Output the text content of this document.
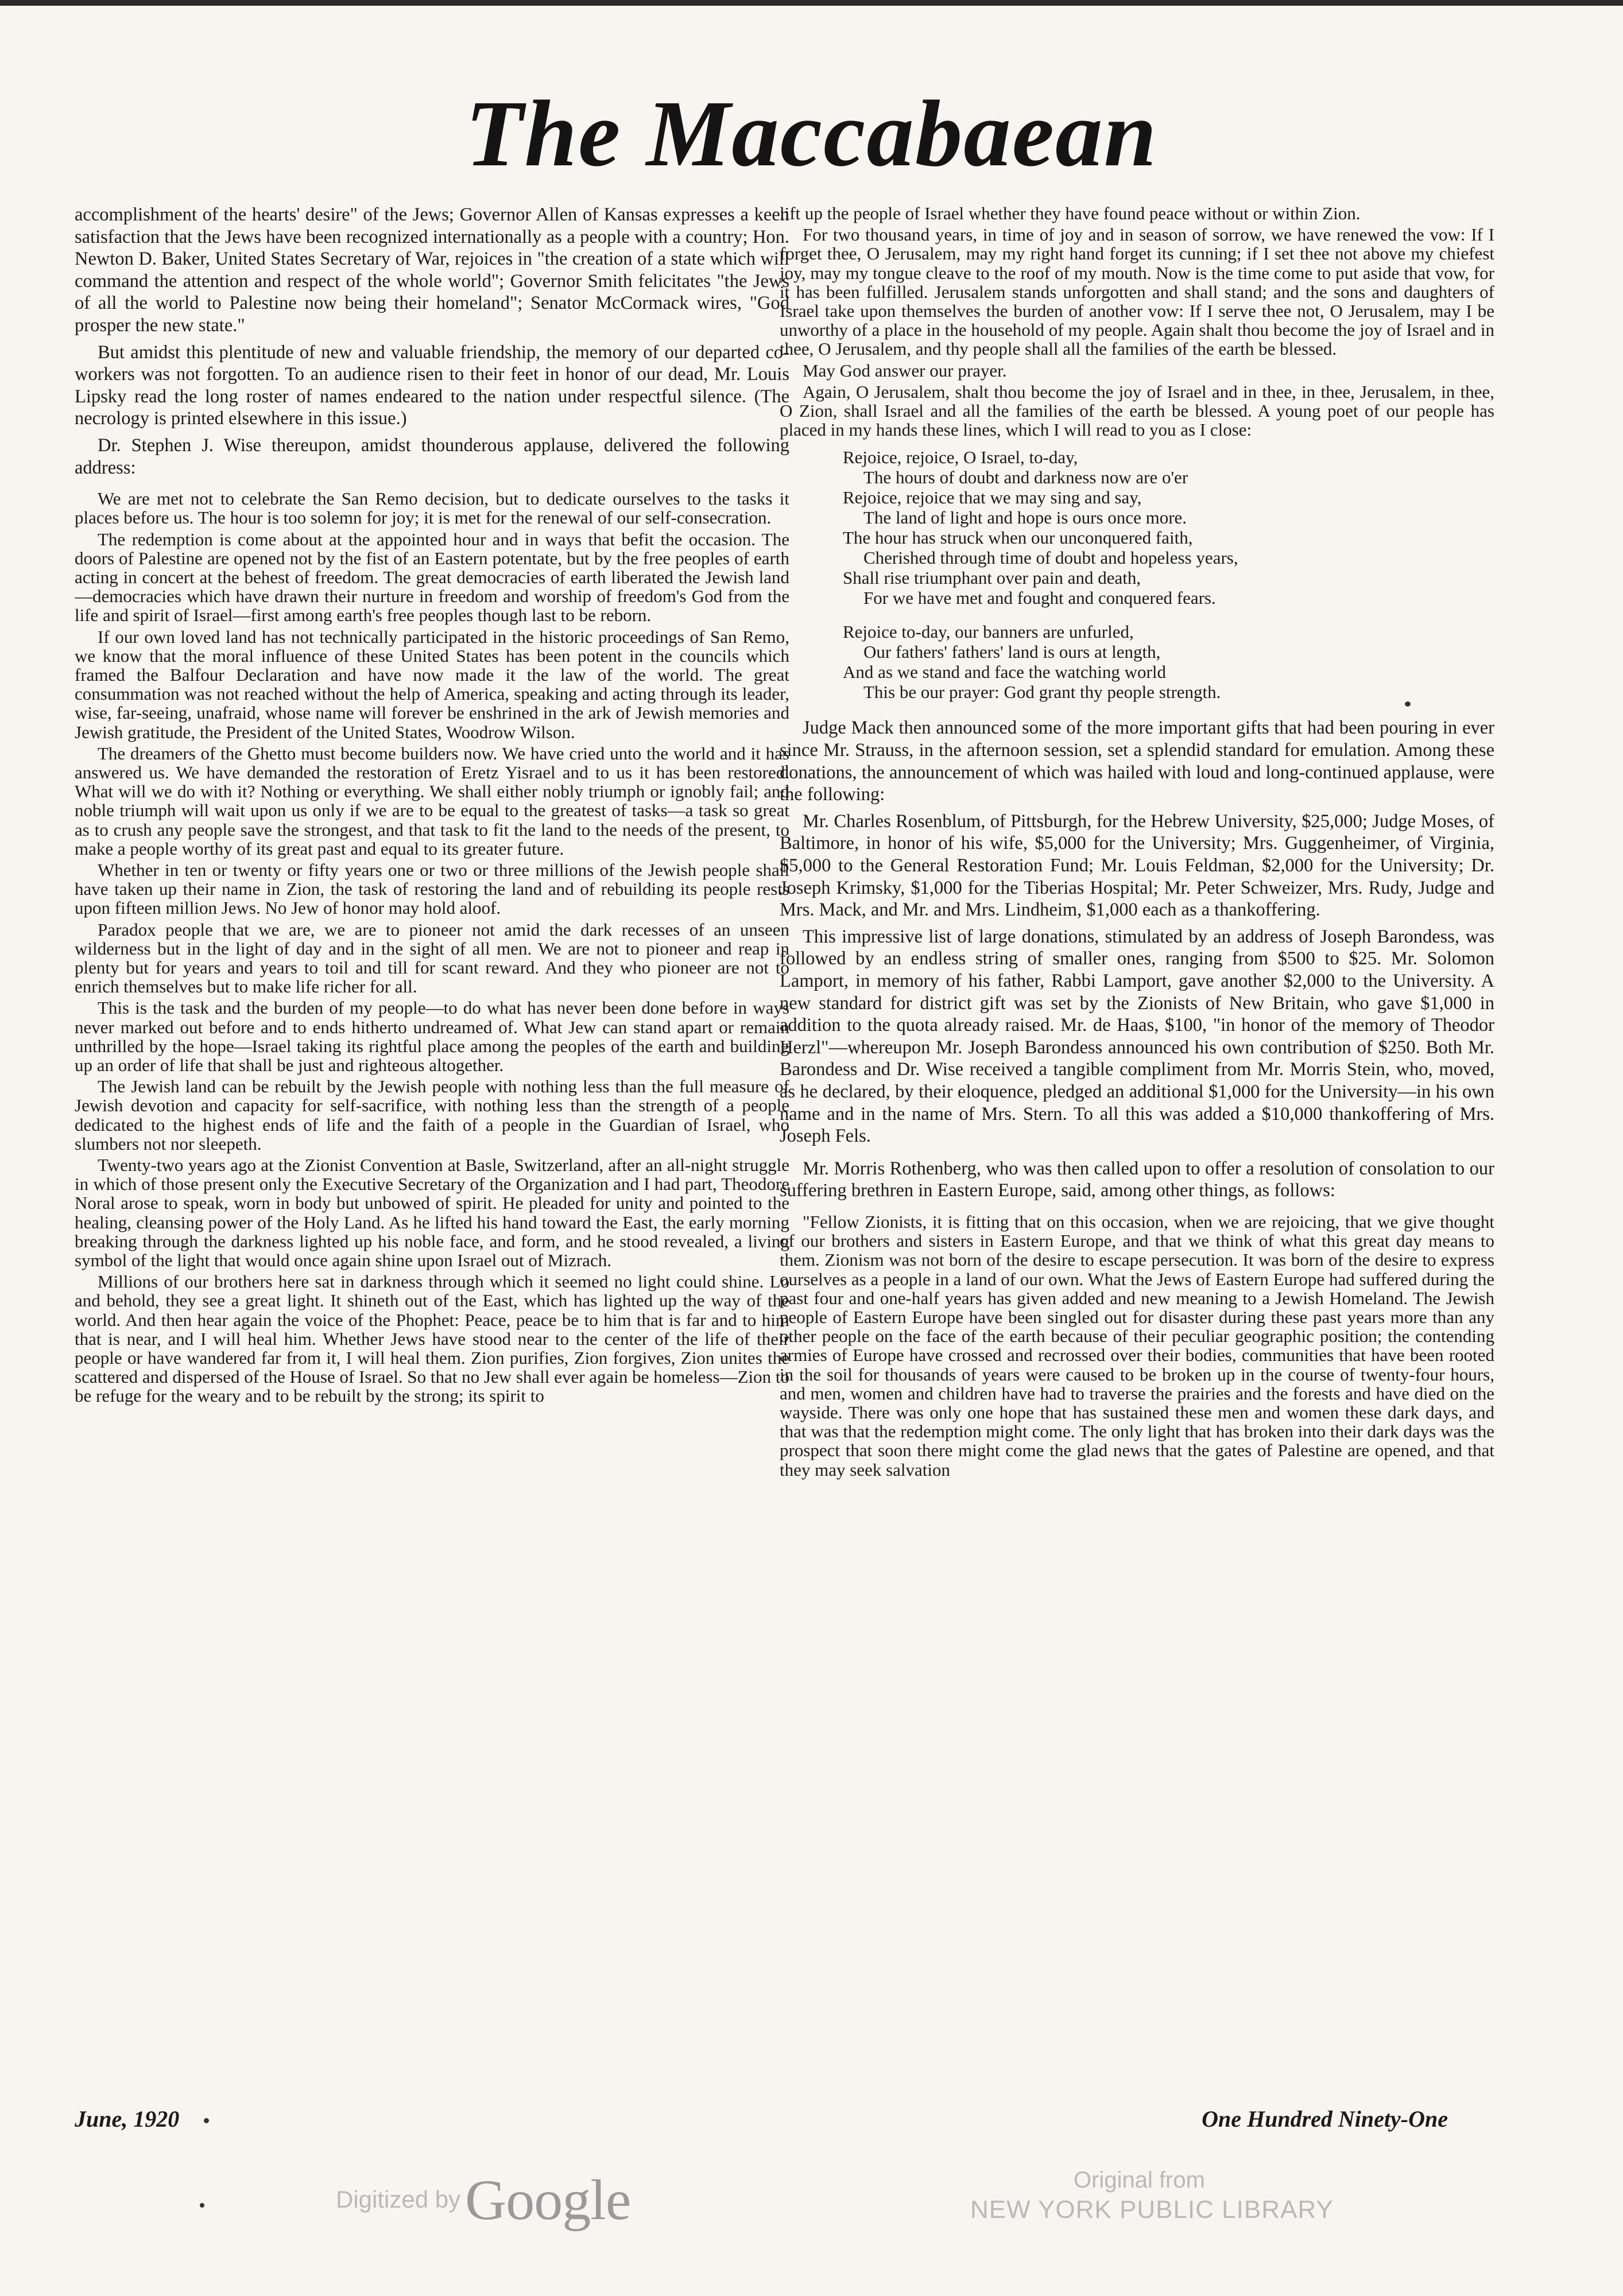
The Maccabaean

accomplishment of the hearts' desire" of the Jews; Governor Allen of Kansas expresses a keen satisfaction that the Jews have been recognized internationally as a people with a country; Hon. Newton D. Baker, United States Secretary of War, rejoices in "the creation of a state which will command the attention and respect of the whole world"; Governor Smith felicitates "the Jews of all the world to Palestine now being their homeland"; Senator McCormack wires, "God prosper the new state."

But amidst this plentitude of new and valuable friendship, the memory of our departed co-workers was not forgotten. To an audience risen to their feet in honor of our dead, Mr. Louis Lipsky read the long roster of names endeared to the nation under respectful silence. (The necrology is printed elsewhere in this issue.)

Dr. Stephen J. Wise thereupon, amidst thounderous applause, delivered the following address:

We are met not to celebrate the San Remo decision, but to dedicate ourselves to the tasks it places before us. The hour is too solemn for joy; it is met for the renewal of our self-consecration.

The redemption is come about at the appointed hour and in ways that befit the occasion. The doors of Palestine are opened not by the fist of an Eastern potentate, but by the free peoples of earth acting in concert at the behest of freedom. The great democracies of earth liberated the Jewish land—democracies which have drawn their nurture in freedom and worship of freedom's God from the life and spirit of Israel—first among earth's free peoples though last to be reborn.

If our own loved land has not technically participated in the historic proceedings of San Remo, we know that the moral influence of these United States has been potent in the councils which framed the Balfour Declaration and have now made it the law of the world. The great consummation was not reached without the help of America, speaking and acting through its leader, wise, far-seeing, unafraid, whose name will forever be enshrined in the ark of Jewish memories and Jewish gratitude, the President of the United States, Woodrow Wilson.

The dreamers of the Ghetto must become builders now. We have cried unto the world and it has answered us. We have demanded the restoration of Eretz Yisrael and to us it has been restored. What will we do with it? Nothing or everything. We shall either nobly triumph or ignobly fail; and noble triumph will wait upon us only if we are to be equal to the greatest of tasks—a task so great as to crush any people save the strongest, and that task to fit the land to the needs of the present, to make a people worthy of its great past and equal to its greater future.

Whether in ten or twenty or fifty years one or two or three millions of the Jewish people shall have taken up their name in Zion, the task of restoring the land and of rebuilding its people rests upon fifteen million Jews. No Jew of honor may hold aloof.

Paradox people that we are, we are to pioneer not amid the dark recesses of an unseen wilderness but in the light of day and in the sight of all men. We are not to pioneer and reap in plenty but for years and years to toil and till for scant reward. And they who pioneer are not to enrich themselves but to make life richer for all.

This is the task and the burden of my people—to do what has never been done before in ways never marked out before and to ends hitherto undreamed of. What Jew can stand apart or remain unthrilled by the hope—Israel taking its rightful place among the peoples of the earth and building up an order of life that shall be just and righteous altogether.

The Jewish land can be rebuilt by the Jewish people with nothing less than the full measure of Jewish devotion and capacity for self-sacrifice, with nothing less than the strength of a people dedicated to the highest ends of life and the faith of a people in the Guardian of Israel, who slumbers not nor sleepeth.

Twenty-two years ago at the Zionist Convention at Basle, Switzerland, after an all-night struggle in which of those present only the Executive Secretary of the Organization and I had part, Theodore Noral arose to speak, worn in body but unbowed of spirit. He pleaded for unity and pointed to the healing, cleansing power of the Holy Land. As he lifted his hand toward the East, the early morning breaking through the darkness lighted up his noble face, and form, and he stood revealed, a living symbol of the light that would once again shine upon Israel out of Mizrach.

Millions of our brothers here sat in darkness through which it seemed no light could shine. Lo and behold, they see a great light. It shineth out of the East, which has lighted up the way of the world. And then hear again the voice of the Phophet: Peace, peace be to him that is far and to him that is near, and I will heal him. Whether Jews have stood near to the center of the life of their people or have wandered far from it, I will heal them. Zion purifies, Zion forgives, Zion unites the scattered and dispersed of the House of Israel. So that no Jew shall ever again be homeless—Zion to be refuge for the weary and to be rebuilt by the strong; its spirit to

lift up the people of Israel whether they have found peace without or within Zion.

For two thousand years, in time of joy and in season of sorrow, we have renewed the vow: If I forget thee, O Jerusalem, may my right hand forget its cunning; if I set thee not above my chiefest joy, may my tongue cleave to the roof of my mouth. Now is the time come to put aside that vow, for it has been fulfilled. Jerusalem stands unforgotten and shall stand; and the sons and daughters of Israel take upon themselves the burden of another vow: If I serve thee not, O Jerusalem, may I be unworthy of a place in the household of my people. Again shalt thou become the joy of Israel and in thee, O Jerusalem, and thy people shall all the families of the earth be blessed.

May God answer our prayer.

Again, O Jerusalem, shalt thou become the joy of Israel and in thee, in thee, Jerusalem, in thee, O Zion, shall Israel and all the families of the earth be blessed. A young poet of our people has placed in my hands these lines, which I will read to you as I close:

Rejoice, rejoice, O Israel, to-day,
The hours of doubt and darkness now are o'er
Rejoice, rejoice that we may sing and say,
The land of light and hope is ours once more.
The hour has struck when our unconquered faith,
Cherished through time of doubt and hopeless years,
Shall rise triumphant over pain and death,
For we have met and fought and conquered fears.
Rejoice to-day, our banners are unfurled,
Our fathers' fathers' land is ours at length,
And as we stand and face the watching world
This be our prayer: God grant thy people strength.

Judge Mack then announced some of the more important gifts that had been pouring in ever since Mr. Strauss, in the afternoon session, set a splendid standard for emulation. Among these donations, the announcement of which was hailed with loud and long-continued applause, were the following:

Mr. Charles Rosenblum, of Pittsburgh, for the Hebrew University, $25,000; Judge Moses, of Baltimore, in honor of his wife, $5,000 for the University; Mrs. Guggenheimer, of Virginia, $5,000 to the General Restoration Fund; Mr. Louis Feldman, $2,000 for the University; Dr. Joseph Krimsky, $1,000 for the Tiberias Hospital; Mr. Peter Schweizer, Mrs. Rudy, Judge and Mrs. Mack, and Mr. and Mrs. Lindheim, $1,000 each as a thankoffering.

This impressive list of large donations, stimulated by an address of Joseph Barondess, was followed by an endless string of smaller ones, ranging from $500 to $25. Mr. Solomon Lamport, in memory of his father, Rabbi Lamport, gave another $2,000 to the University. A new standard for district gift was set by the Zionists of New Britain, who gave $1,000 in addition to the quota already raised. Mr. de Haas, $100, "in honor of the memory of Theodor Herzl"—whereupon Mr. Joseph Barondess announced his own contribution of $250. Both Mr. Barondess and Dr. Wise received a tangible compliment from Mr. Morris Stein, who, moved, as he declared, by their eloquence, pledged an additional $1,000 for the University—in his own name and in the name of Mrs. Stern. To all this was added a $10,000 thankoffering of Mrs. Joseph Fels.

Mr. Morris Rothenberg, who was then called upon to offer a resolution of consolation to our suffering brethren in Eastern Europe, said, among other things, as follows:

"Fellow Zionists, it is fitting that on this occasion, when we are rejoicing, that we give thought of our brothers and sisters in Eastern Europe, and that we think of what this great day means to them. Zionism was not born of the desire to escape persecution. It was born of the desire to express ourselves as a people in a land of our own. What the Jews of Eastern Europe had suffered during the past four and one-half years has given added and new meaning to a Jewish Homeland. The Jewish people of Eastern Europe have been singled out for disaster during these past years more than any other people on the face of the earth because of their peculiar geographic position; the contending armies of Europe have crossed and recrossed over their bodies, communities that have been rooted in the soil for thousands of years were caused to be broken up in the course of twenty-four hours, and men, women and children have had to traverse the prairies and the forests and have died on the wayside. There was only one hope that has sustained these men and women these dark days, and that was that the redemption might come. The only light that has broken into their dark days was the prospect that soon there might come the glad news that the gates of Palestine are opened, and that they may seek salvation

June, 1920	One Hundred Ninety-One
Digitized by Google	Original from
NEW YORK PUBLIC LIBRARY
